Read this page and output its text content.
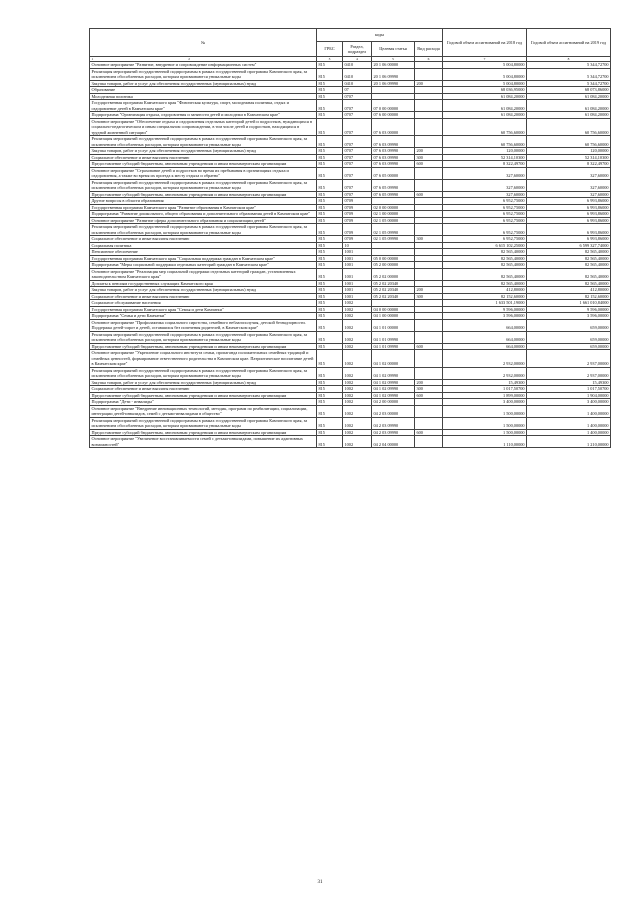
№	коды				Годовой объем ассигнований на 2018 год	Годовой объем ассигнований на 2019 год
	ГРБС	Раздел, подраздел	Целевая статья	Вид расхода		
1 2	3	4	5	6	7	8
Основное мероприятие "Развитие, внедрение и сопровождение информационных систем"	815	0410	20 1 06 00000		5 004,80000	5 344,72700
Реализация мероприятий государственной подпрограммы в рамках государственной программы Камчатского края, за исключением обособленных расходов, которым присваиваются уникальные коды	815	0410	20 1 06 09990		5 004,80000	5 344,72700
Закупка товаров, работ и услуг для обеспечения государственных (муниципальных) нужд	815	0410	20 1 06 09990	200	5 004,80000	5 344,72700
Образование	815	07			68 036,95000	68 073,86000
Молодежная политика	815	0707			61 084,20000	61 084,20000
Государственная программа Камчатского края "Физическая культура, спорт, молодежная политика, отдых и оздоровление детей в Камчатском крае"	815	0707	07 0 00 00000		61 084,20000	61 084,20000
Подпрограмма "Организация отдыха, оздоровления и занятости детей и молодежи в Камчатском крае"	815	0707	07 6 00 00000		61 084,20000	61 084,20000
Основное мероприятие "Обеспечение отдыха и оздоровления отдельных категорий детей и подростков, нуждающихся в социально-педагогическом и иным специальном сопровождении, в том числе детей и подростков, находящихся в трудной жизненной ситуации"	815	0707	07 6 03 00000		60 756,60000	60 756,60000
Реализация мероприятий государственной подпрограммы в рамках государственной программы Камчатского края, за исключением обособленных расходов, которым присваиваются уникальные коды	815	0707	07 6 03 09990		60 756,60000	60 756,60000
Закупка товаров, работ и услуг для обеспечения государственных (муниципальных) нужд	815	0707	07 6 03 09990	200	120,00000	120,00000
Социальное обеспечение и иные выплаты населению	815	0707	07 6 03 09990	300	52 314,10300	52 314,10300
Предоставление субсидий бюджетным, автономным учреждениям и иным некоммерческим организациям	815	0707	07 6 03 09990	600	8 322,49700	8 322,49700
Основное мероприятие "Страхование детей и подростков во время их пребывания в организациях отдыха и оздоровления, а также во время их проезда к месту отдыха и обратно"	815	0707	07 6 05 00000		327,60000	327,60000
Реализация мероприятий государственной подпрограммы в рамках государственной программы Камчатского края, за исключением обособленных расходов, которым присваиваются уникальные коды	815	0707	07 6 05 09990		327,60000	327,60000
Предоставление субсидий бюджетным, автономным учреждениям и иным некоммерческим организациям	815	0707	07 6 05 09990	600	327,60000	327,60000
Другие вопросы в области образования	815	0709			6 952,75000	6 993,86000
Государственная программа Камчатского края "Развитие образования в Камчатском крае"	815	0709	02 0 00 00000		6 952,75000	6 993,86000
Подпрограмма "Развитие дошкольного, общего образования и дополнительного образования детей в Камчатском крае"	815	0709	02 1 00 00000		6 952,75000	6 993,86000
Основное мероприятие "Развитие сферы дополнительного образования и социализации детей"	815	0709	02 1 05 00000		6 952,75000	6 993,86000
Реализация мероприятий государственной подпрограммы в рамках государственной программы Камчатского края, за исключением обособленных расходов, которым присваиваются уникальные коды	815	0709	02 1 05 09990		6 952,75000	6 993,86000
Социальное обеспечение и иные выплаты населению	815	0709	02 1 05 09990	300	6 952,75000	6 993,86000
Социальная политика	815	10			6 615 102,25000	6 599 327,74000
Пенсионное обеспечение	815	1001			82 565,40000	82 565,40000
Государственная программа Камчатского края "Социальная поддержка граждан в Камчатском крае"	815	1001	05 0 00 00000		82 565,40000	82 565,40000
Подпрограмма "Меры социальной поддержки отдельных категорий граждан в Камчатском крае"	815	1001	05 2 00 00000		82 565,40000	82 565,40000
Основное мероприятие "Реализация мер социальной поддержки отдельных категорий граждан, установленных законодательством Камчатского края"	815	1001	05 2 02 00000		82 565,40000	82 565,40000
Доплаты к пенсиям государственных служащих Камчатского края	815	1001	05 2 02 20340		82 565,40000	82 565,40000
Закупка товаров, работ и услуг для обеспечения государственных (муниципальных) нужд	815	1001	05 2 02 20340	200	412,80000	412,80000
Социальное обеспечение и иные выплаты населению	815	1001	05 2 02 20340	300	82 152,60000	82 152,60000
Социальное обслуживание населения	815	1002			1 633 501,19000	1 661 010,84000
Государственная программа Камчатского края "Семья и дети Камчатки"	815	1002	04 0 00 00000		9 596,00000	9 596,00000
Подпрограмма "Семья и дети Камчатки"	815	1002	04 1 00 00000		3 596,00000	3 596,00000
Основное мероприятие "Профилактика социального сиротства, семейного неблагополучия, детской безнадзорности. Поддержка детей-сирот и детей, оставшихся без попечения родителей, в Камчатском крае"	815	1002	04 1 01 00000		664,00000	659,00000
Реализация мероприятий государственной подпрограммы в рамках государственной программы Камчатского края, за исключением обособленных расходов, которым присваиваются уникальные коды	815	1002	04 1 01 09990		664,00000	659,00000
Предоставление субсидий бюджетным, автономным учреждениям и иным некоммерческим организациям	815	1002	04 1 01 09990	600	664,00000	659,00000
Основное мероприятие "Укрепление социального института семьи, пропаганда положительных семейных традиций и семейных ценностей, формирование ответственного родительства в Камчатском крае. Патриотическое воспитание детей в Камчатском крае"	815	1002	04 1 02 00000		2 932,00000	2 937,00000
Реализация мероприятий государственной подпрограммы в рамках государственной программы Камчатского края, за исключением обособленных расходов, которым присваиваются уникальные коды	815	1002	04 1 02 09990		2 932,00000	2 937,00000
Закупка товаров, работ и услуг для обеспечения государственных (муниципальных) нужд	815	1002	04 1 02 09990	200	15,49300	15,49300
Социальное обеспечение и иные выплаты населению	815	1002	04 1 02 09990	300	1 017,50700	1 017,50700
Предоставление субсидий бюджетным, автономным учреждениям и иным некоммерческим организациям	815	1002	04 1 02 09990	600	1 899,00000	1 904,00000
Подпрограмма "Дети - инвалиды"	815	1002	04 2 00 00000		3 400,00000	3 400,00000
Основное мероприятие "Внедрение инновационных технологий, методик, программ по реабилитации, социализации, интеграции детей-инвалидов, семей с детьми-инвалидами в общество"	815	1002	04 2 03 00000		1 500,00000	1 400,00000
Реализация мероприятий государственной подпрограммы в рамках государственной программы Камчатского края, за исключением обособленных расходов, которым присваиваются уникальные коды	815	1002	04 2 03 09990		1 500,00000	1 400,00000
Предоставление субсидий бюджетным, автономным учреждениям и иным некоммерческим организациям	815	1002	04 2 03 09990	600	1 500,00000	1 400,00000
Основное мероприятие "Увеличение восстанавливаемости семей с детьми-инвалидами, повышение их адаптивных возможностей"	815	1002	04 2 04 00000		1 110,00000	1 210,00000
31
